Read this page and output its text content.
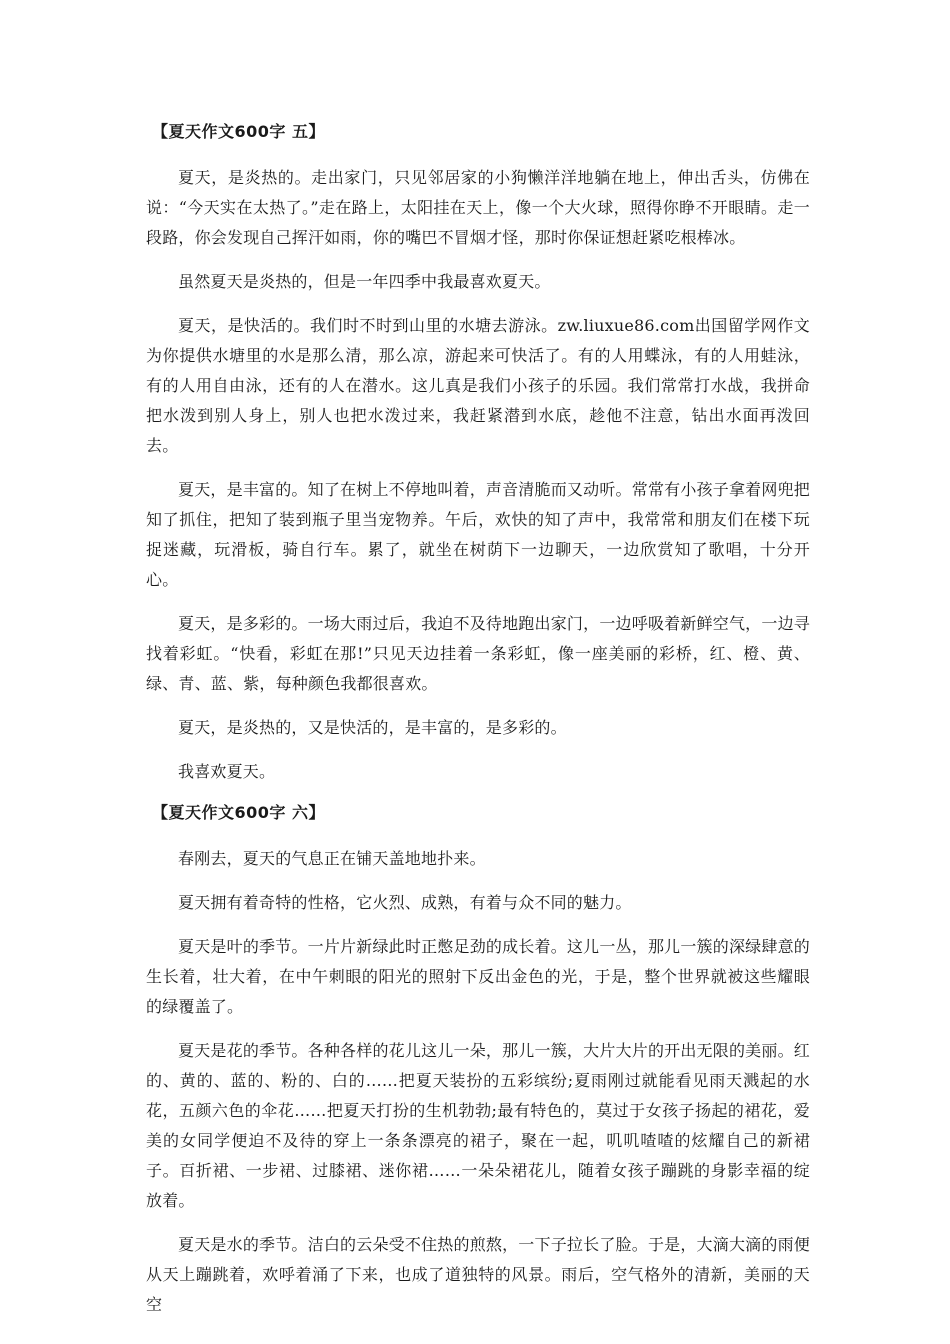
【夏天作文600字 五】

夏天，是炎热的。走出家门，只见邻居家的小狗懒洋洋地躺在地上，伸出舌头，仿佛在说：“今天实在太热了。”走在路上，太阳挂在天上，像一个大火球，照得你睁不开眼睛。走一段路，你会发现自己挥汗如雨，你的嘴巴不冒烟才怪，那时你保证想赶紧吃根棒冰。

虽然夏天是炎热的，但是一年四季中我最喜欢夏天。

夏天，是快活的。我们时不时到山里的水塘去游泳。zw.liuxue86.com出国留学网作文为你提供水塘里的水是那么清，那么凉，游起来可快活了。有的人用蝶泳，有的人用蛙泳，有的人用自由泳，还有的人在潜水。这儿真是我们小孩子的乐园。我们常常打水战，我拼命把水泼到别人身上，别人也把水泼过来，我赶紧潜到水底，趁他不注意，钻出水面再泼回去。

夏天，是丰富的。知了在树上不停地叫着，声音清脆而又动听。常常有小孩子拿着网兜把知了抓住，把知了装到瓶子里当宠物养。午后，欢快的知了声中，我常常和朋友们在楼下玩捉迷藏，玩滑板，骑自行车。累了，就坐在树荫下一边聊天，一边欣赏知了歌唱，十分开心。

夏天，是多彩的。一场大雨过后，我迫不及待地跑出家门，一边呼吸着新鲜空气，一边寻找着彩虹。“快看，彩虹在那!”只见天边挂着一条彩虹，像一座美丽的彩桥，红、橙、黄、绿、青、蓝、紫，每种颜色我都很喜欢。

夏天，是炎热的，又是快活的，是丰富的，是多彩的。

我喜欢夏天。

【夏天作文600字 六】

春刚去，夏天的气息正在铺天盖地地扑来。

夏天拥有着奇特的性格，它火烈、成熟，有着与众不同的魅力。

夏天是叶的季节。一片片新绿此时正憋足劲的成长着。这儿一丛，那儿一簇的深绿肆意的生长着，壮大着，在中午刺眼的阳光的照射下反出金色的光，于是，整个世界就被这些耀眼的绿覆盖了。

夏天是花的季节。各种各样的花儿这儿一朵，那儿一簇，大片大片的开出无限的美丽。红的、黄的、蓝的、粉的、白的……把夏天装扮的五彩缤纷;夏雨刚过就能看见雨天溅起的水花，五颜六色的伞花……把夏天打扮的生机勃勃;最有特色的，莫过于女孩子扬起的裙花，爱美的女同学便迫不及待的穿上一条条漂亮的裙子，聚在一起，叽叽喳喳的炫耀自己的新裙子。百折裙、一步裙、过膝裙、迷你裙……一朵朵裙花儿，随着女孩子蹦跳的身影幸福的绽放着。

夏天是水的季节。洁白的云朵受不住热的煎熬，一下子拉长了脸。于是，大滴大滴的雨便从天上蹦跳着，欢呼着涌了下来，也成了道独特的风景。雨后，空气格外的清新，美丽的天空
